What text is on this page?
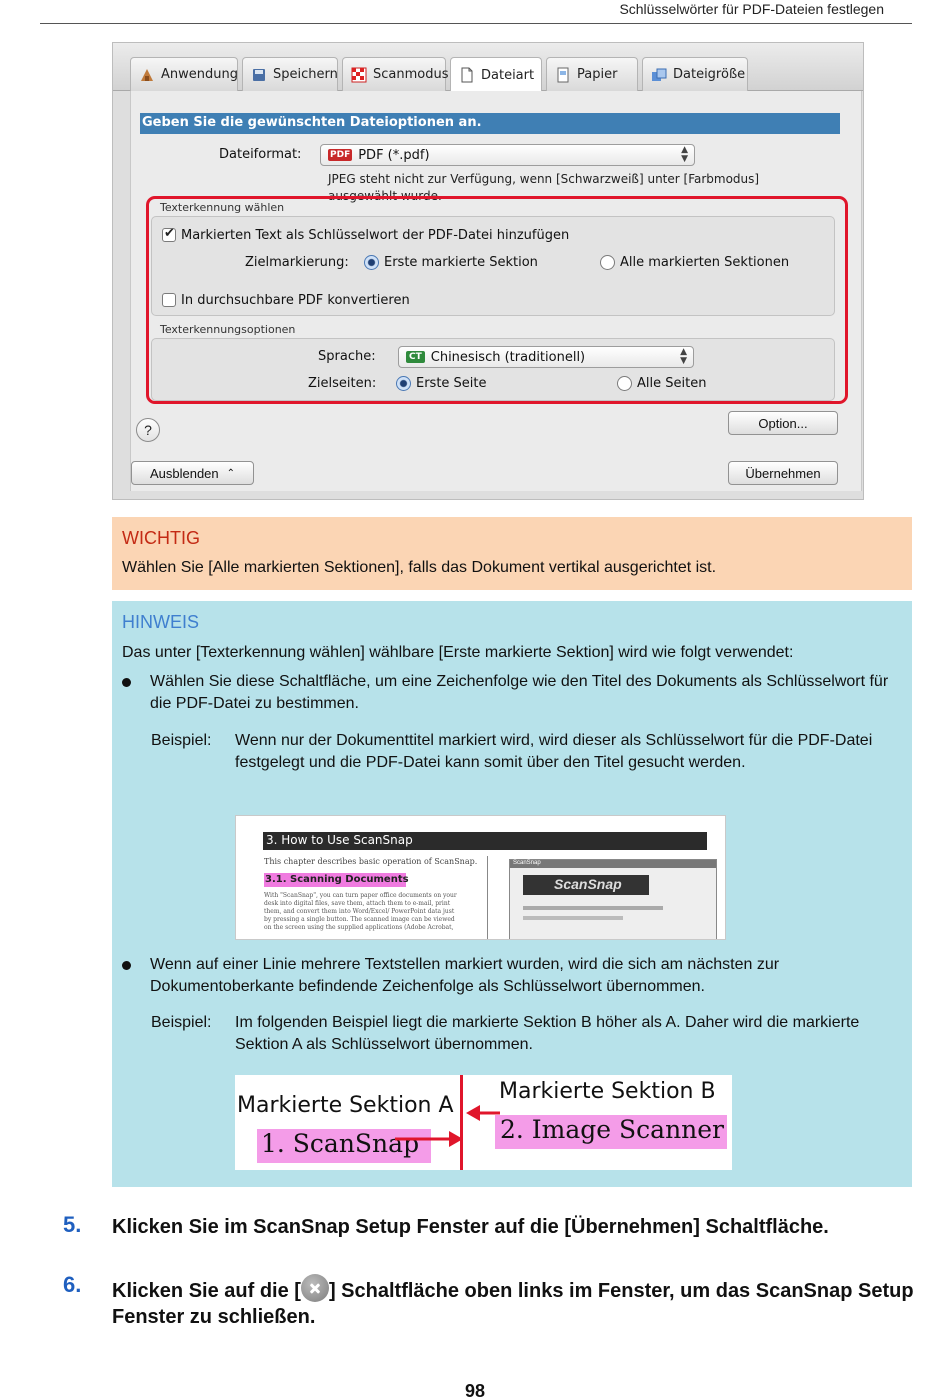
Schlüsselwörter für PDF-Dateien festlegen
Anwendung	Speichern	Scanmodus	Dateiart	Papier	Dateigröße
Geben Sie die gewünschten Dateioptionen an.
Dateiformat:	PDF PDF (*.pdf)	▲
▼
JPEG steht nicht zur Verfügung, wenn [Schwarzweiß] unter [Farbmodus] ausgewählt wurde.
Texterkennung wählen
✔
Markierten Text als Schlüsselwort der PDF-Datei hinzufügen
Zielmarkierung:	Erste markierte Sektion	Alle markierten Sektionen
In durchsuchbare PDF konvertieren
Texterkennungsoptionen
Sprache:	CT Chinesisch (traditionell)	▲
▼
Zielseiten:	Erste Seite	Alle Seiten
?	Option...
Ausblenden ⌃	Übernehmen
WICHTIG
Wählen Sie [Alle markierten Sektionen], falls das Dokument vertikal ausgerichtet ist.
HINWEIS
Das unter [Texterkennung wählen] wählbare [Erste markierte Sektion] wird wie folgt verwendet:
Wählen Sie diese Schaltfläche, um eine Zeichenfolge wie den Titel des Dokuments als Schlüsselwort für die PDF-Datei zu bestimmen.
Beispiel: Wenn nur der Dokumenttitel markiert wird, wird dieser als Schlüsselwort für die PDF-Datei festgelegt und die PDF-Datei kann somit über den Titel gesucht werden.
3. How to Use ScanSnap
This chapter describes basic operation of ScanSnap.
3.1. Scanning Documents
With "ScanSnap", you can turn paper office documents on your
desk into digital files, save them, attach them to e-mail, print
them, and convert them into Word/Excel/ PowerPoint data just
by pressing a single button. The scanned image can be viewed
on the screen using the supplied applications (Adobe Acrobat,
ScanSnap
ScanSnap
Wenn auf einer Linie mehrere Textstellen markiert wurden, wird die sich am nächsten zur Dokumentoberkante befindende Zeichenfolge als Schlüsselwort übernommen.
Beispiel: Im folgenden Beispiel liegt die markierte Sektion B höher als A. Daher wird die markierte Sektion A als Schlüsselwort übernommen.
Markierte Sektion A
1. ScanSnap
Markierte Sektion B
2. Image Scanner
5. Klicken Sie im ScanSnap Setup Fenster auf die [Übernehmen] Schaltfläche.
6. Klicken Sie auf die [ ] Schaltfläche oben links im Fenster, um das ScanSnap Setup Fenster zu schließen.
98
